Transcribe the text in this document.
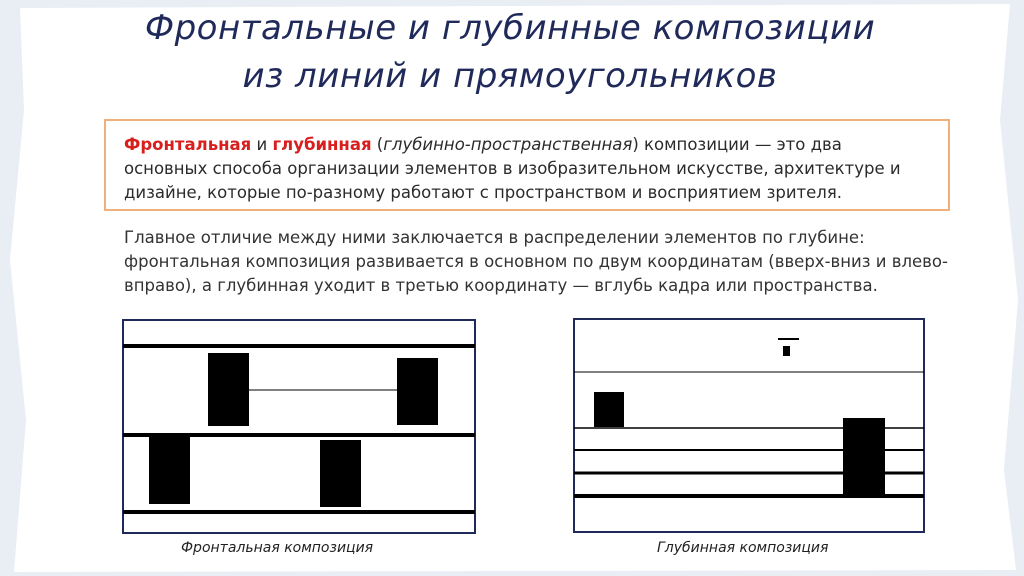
Фронтальные и глубинные композиции
из линий и прямоугольников
Фронтальная и глубинная (глубинно-пространственная) композиции — это два основных способа организации элементов в изобразительном искусстве, архитектуре и дизайне, которые по-разному работают с пространством и восприятием зрителя.
Главное отличие между ними заключается в распределении элементов по глубине: фронтальная композиция развивается в основном по двум координатам (вверх-вниз и влево-вправо), а глубинная уходит в третью координату — вглубь кадра или пространства.
Фронтальная композиция	Глубинная композиция
